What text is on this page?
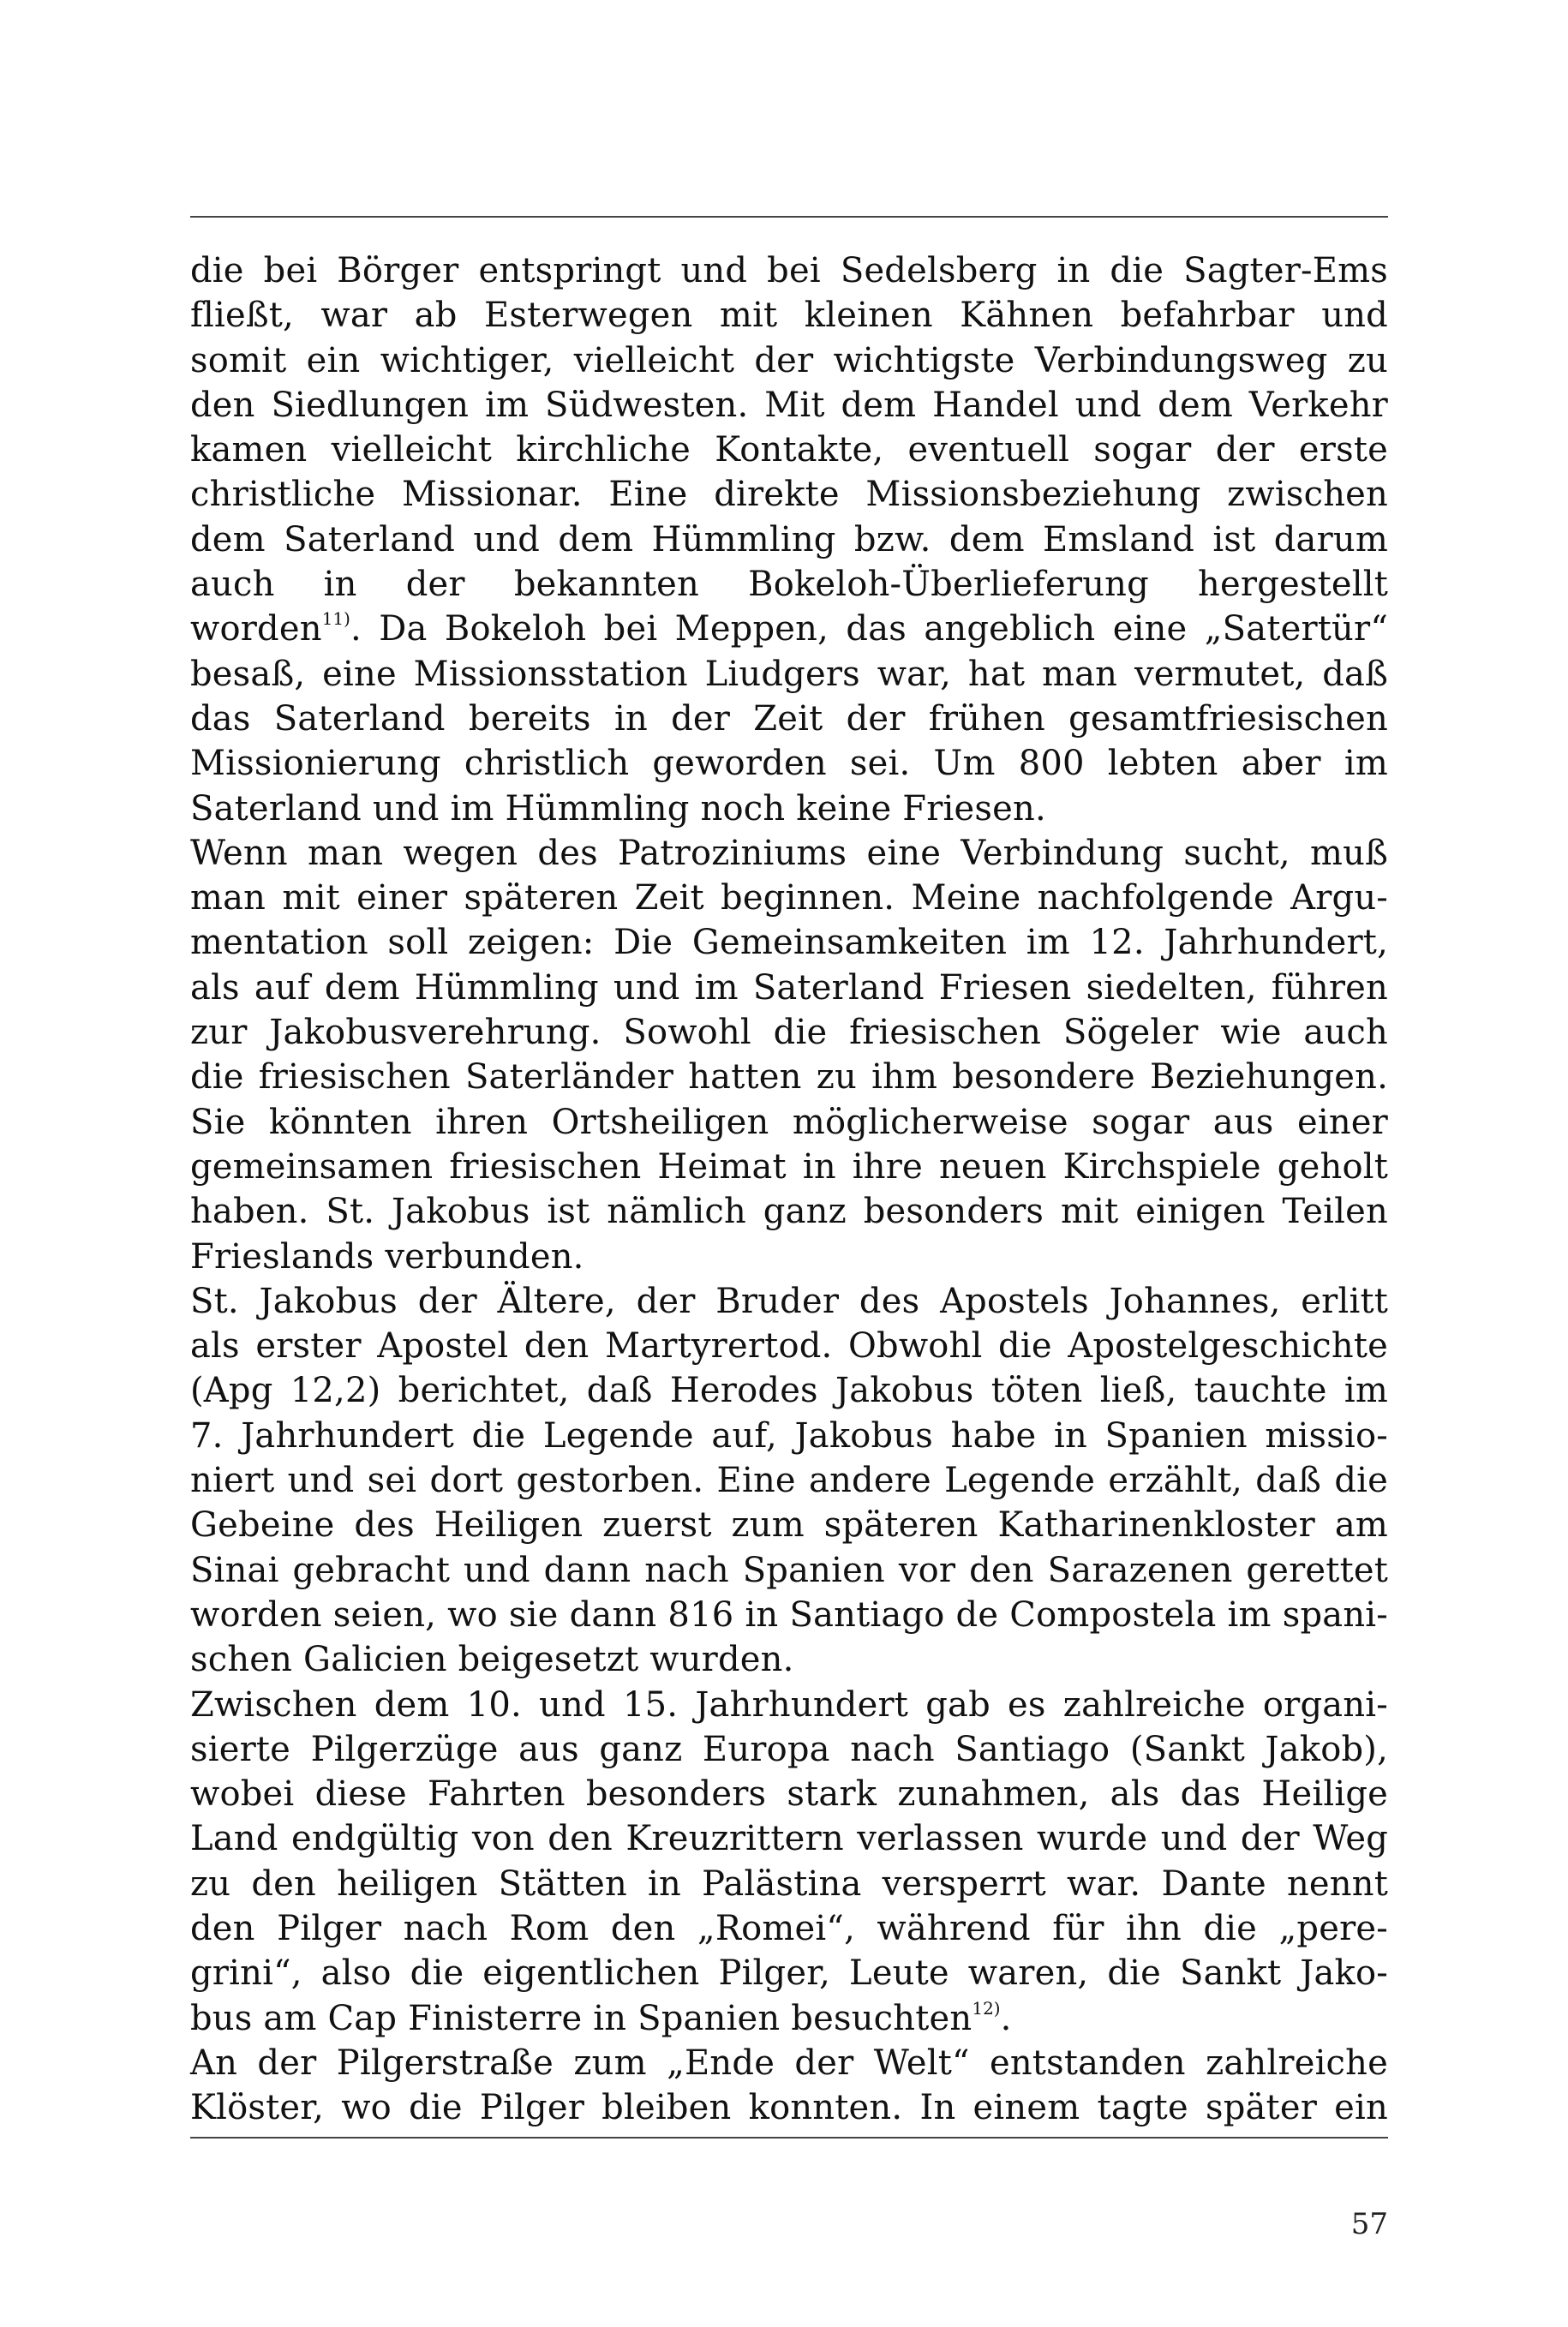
die bei Börger entspringt und bei Sedelsberg in die Sagter-Ems
fließt, war ab Esterwegen mit kleinen Kähnen befahrbar und
somit ein wichtiger, vielleicht der wichtigste Verbindungsweg zu
den Siedlungen im Südwesten. Mit dem Handel und dem Verkehr
kamen vielleicht kirchliche Kontakte, eventuell sogar der erste
christliche Missionar. Eine direkte Missionsbeziehung zwischen
dem Saterland und dem Hümmling bzw. dem Emsland ist darum
auch in der bekannten Bokeloh-Überlieferung hergestellt
worden$^{11)}$. Da Bokeloh bei Meppen, das angeblich eine „Satertür“
besaß, eine Missionsstation Liudgers war, hat man vermutet, daß
das Saterland bereits in der Zeit der frühen gesamtfriesischen
Missionierung christlich geworden sei. Um 800 lebten aber im
Saterland und im Hümmling noch keine Friesen.
Wenn man wegen des Patroziniums eine Verbindung sucht, muß
man mit einer späteren Zeit beginnen. Meine nachfolgende Argu-
mentation soll zeigen: Die Gemeinsamkeiten im 12. Jahrhundert,
als auf dem Hümmling und im Saterland Friesen siedelten, führen
zur Jakobusverehrung. Sowohl die friesischen Sögeler wie auch
die friesischen Saterländer hatten zu ihm besondere Beziehungen.
Sie könnten ihren Ortsheiligen möglicherweise sogar aus einer
gemeinsamen friesischen Heimat in ihre neuen Kirchspiele geholt
haben. St. Jakobus ist nämlich ganz besonders mit einigen Teilen
Frieslands verbunden.
St. Jakobus der Ältere, der Bruder des Apostels Johannes, erlitt
als erster Apostel den Martyrertod. Obwohl die Apostelgeschichte
(Apg 12,2) berichtet, daß Herodes Jakobus töten ließ, tauchte im
7. Jahrhundert die Legende auf, Jakobus habe in Spanien missio-
niert und sei dort gestorben. Eine andere Legende erzählt, daß die
Gebeine des Heiligen zuerst zum späteren Katharinenkloster am
Sinai gebracht und dann nach Spanien vor den Sarazenen gerettet
worden seien, wo sie dann 816 in Santiago de Compostela im spani-
schen Galicien beigesetzt wurden.
Zwischen dem 10. und 15. Jahrhundert gab es zahlreiche organi-
sierte Pilgerzüge aus ganz Europa nach Santiago (Sankt Jakob),
wobei diese Fahrten besonders stark zunahmen, als das Heilige
Land endgültig von den Kreuzrittern verlassen wurde und der Weg
zu den heiligen Stätten in Palästina versperrt war. Dante nennt
den Pilger nach Rom den „Romei“, während für ihn die „pere-
grini“, also die eigentlichen Pilger, Leute waren, die Sankt Jako-
bus am Cap Finisterre in Spanien besuchten$^{12)}$.
An der Pilgerstraße zum „Ende der Welt“ entstanden zahlreiche
Klöster, wo die Pilger bleiben konnten. In einem tagte später ein
57
